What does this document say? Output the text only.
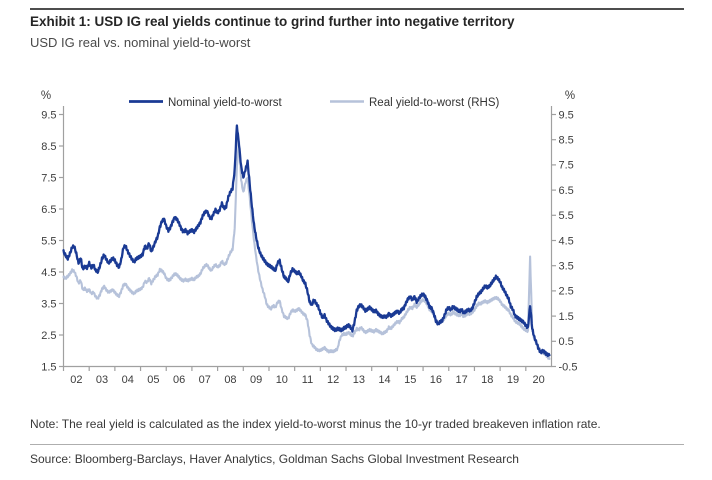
Exhibit 1: USD IG real yields continue to grind further into negative territory
USD IG real vs. nominal yield-to-worst
%	%
Nominal yield-to-worst	Real yield-to-worst (RHS)
9.5
8.5
7.5
6.5
5.5
4.5
3.5
2.5
1.5
9.5
8.5
7.5
6.5
5.5
4.5
3.5
2.5
1.5
0.5
-0.5
02 03 04 05 06 07 08 09 10 11 12 13 14 15 16 17 18 19 20
Note: The real yield is calculated as the index yield-to-worst minus the 10-yr traded breakeven inflation rate.
Source: Bloomberg-Barclays, Haver Analytics, Goldman Sachs Global Investment Research
